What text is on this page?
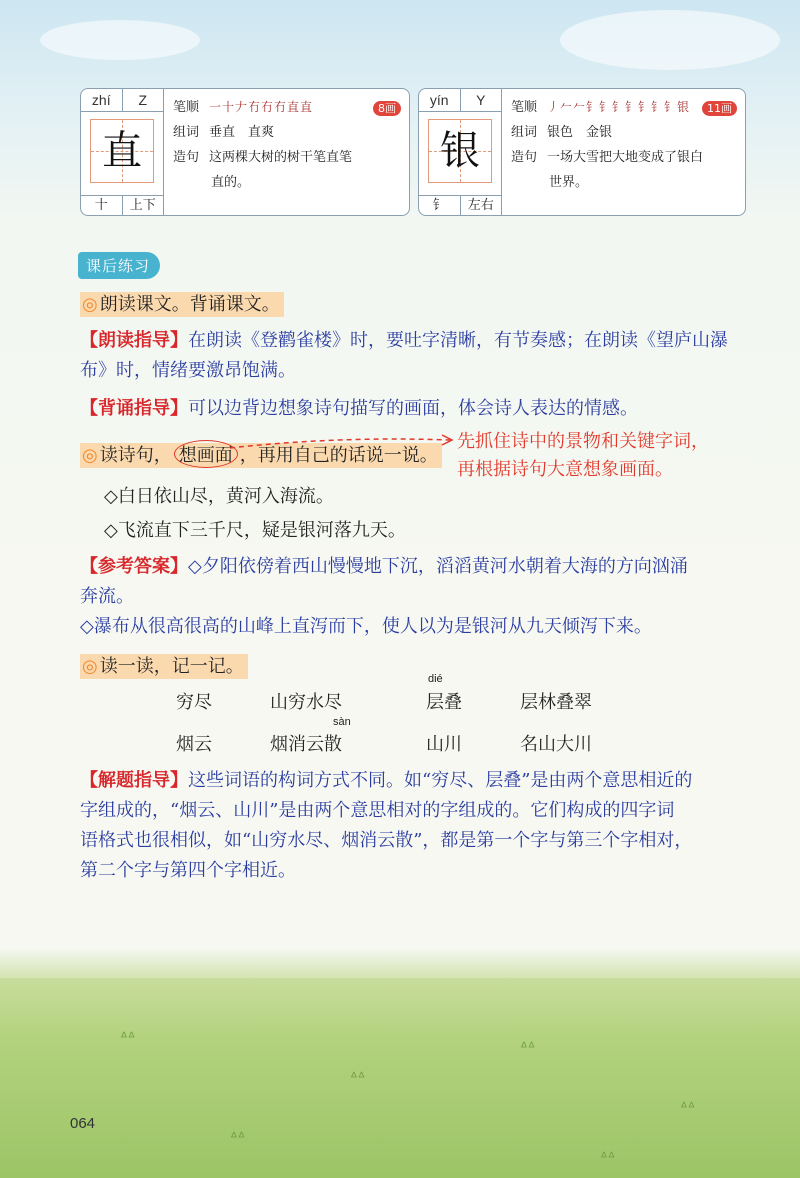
ᐞᐞ
ᐞᐞ
ᐞᐞ
ᐞᐞ
ᐞᐞ
ᐞᐞ
zhí	Z
直
十	上下
笔顺 一十𠂇冇冇冇直直	8画
组词 垂直　直爽
造句 这两棵大树的树干笔直笔
直的。
yín	Y
银
钅	左右
笔顺 丿𠂉𠂉钅钅钅钅钅钅钅银	11画
组词 银色　金银
造句 一场大雪把大地变成了银白
世界。
课后练习
◎ 朗读课文。背诵课文。
【朗读指导】在朗读《登鹳雀楼》时，要吐字清晰，有节奏感；在朗读《望庐山瀑
布》时，情绪要激昂饱满。
【背诵指导】可以边背边想象诗句描写的画面，体会诗人表达的情感。
◎ 读诗句， 想画面 ，再用自己的话说一说。
先抓住诗中的景物和关键字词，
再根据诗句大意想象画面。
◇白日依山尽，黄河入海流。
◇飞流直下三千尺，疑是银河落九天。
【参考答案】◇夕阳依傍着西山慢慢地下沉，滔滔黄河水朝着大海的方向汹涌
奔流。
◇瀑布从很高很高的山峰上直泻而下，使人以为是银河从九天倾泻下来。
◎ 读一读，记一记。
dié
sàn
穷尽	山穷水尽	层叠	层林叠翠
烟云	烟消云散	山川	名山大川
【解题指导】这些词语的构词方式不同。如“穷尽、层叠”是由两个意思相近的
字组成的，“烟云、山川”是由两个意思相对的字组成的。它们构成的四字词
语格式也很相似，如“山穷水尽、烟消云散”，都是第一个字与第三个字相对，
第二个字与第四个字相近。
064
